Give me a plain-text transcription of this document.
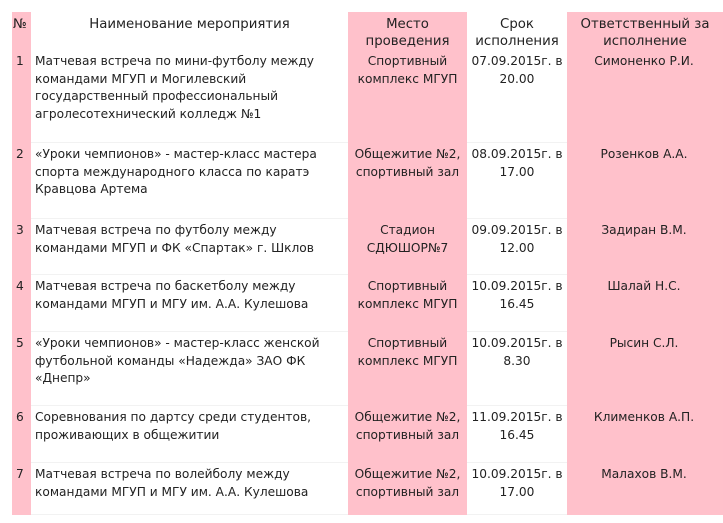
№	Наименование мероприятия	Место проведения	Срок исполнения	Ответственный за исполнение
1	Матчевая встреча по мини-футболу между командами МГУП и Могилевский государственный профессиональный агролесотехнический колледж №1	Спортивный комплекс МГУП	07.09.2015г. в 20.00	Симоненко Р.И.
2	«Уроки чемпионов» - мастер-класс мастера спорта международного класса по каратэ Кравцова Артема	Общежитие №2, спортивный зал	08.09.2015г. в 17.00	Розенков А.А.
3	Матчевая встреча по футболу между командами МГУП и ФК «Спартак» г. Шклов	Стадион СДЮШОР№7	09.09.2015г. в 12.00	Задиран В.М.
4	Матчевая встреча по баскетболу между командами МГУП и МГУ им. А.А. Кулешова	Спортивный комплекс МГУП	10.09.2015г. в 16.45	Шалай Н.С.
5	«Уроки чемпионов» - мастер-класс женской футбольной команды «Надежда» ЗАО ФК «Днепр»	Спортивный комплекс МГУП	10.09.2015г. в 8.30	Рысин С.Л.
6	Соревнования по дартсу среди студентов, проживающих в общежитии	Общежитие №2, спортивный зал	11.09.2015г. в 16.45	Клименков А.П.
7	Матчевая встреча по волейболу между командами МГУП и МГУ им. А.А. Кулешова	Общежитие №2, спортивный зал	10.09.2015г. в 17.00	Малахов В.М.
